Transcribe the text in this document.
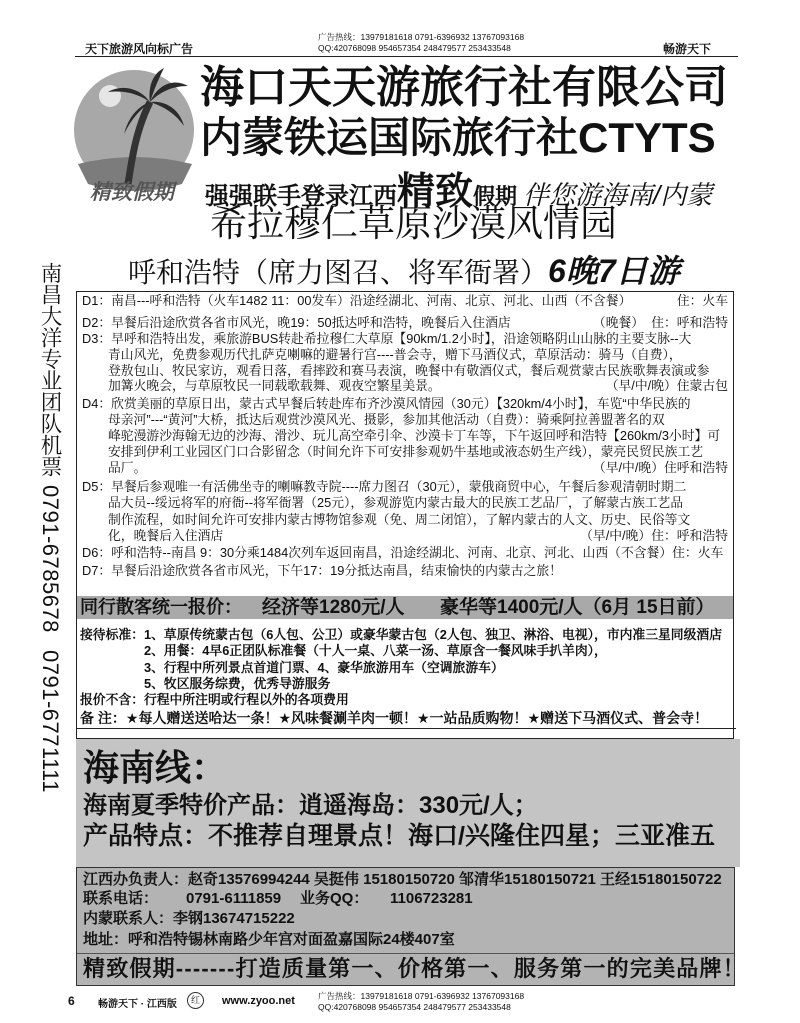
天下旅游风向标广告
广告热线：13979181618 0791-6396932 13767093168
QQ:420768098 954657354 248479577 253433548	畅游天下
精致假期
海口天天游旅行社有限公司
内蒙铁运国际旅行社CTYTS
强强联手登录江西 精致 假期 伴您游海南/内蒙
希拉穆仁草原沙漠风情园
呼和浩特（席力图召、将军衙署）6晚7日游
南昌大洋专业团队机票
0791-6785678
0791-6771111
D1：南昌---呼和浩特（火车1482 11：00发车）沿途经湖北、河南、北京、河北、山西（不含餐）	住：火车
D2：早餐后沿途欣赏各省市风光，晚19：50抵达呼和浩特，晚餐后入住酒店	（晚餐）  住：呼和浩特
D3：早呼和浩特出发，乘旅游BUS转赴希拉穆仁大草原【90km/1.2小时】，沿途领略阴山山脉的主要支脉--大
青山风光，免费参观历代扎萨克喇嘛的避暑行宫----普会寺，赠下马酒仪式，草原活动：骑马（自费），
登敖包山、牧民家访，观看日落，看摔跤和赛马表演，晚餐中有敬酒仪式，餐后观赏蒙古民族歌舞表演或参
加篝火晚会，与草原牧民一同载歌载舞、观夜空繁星美景。	（早/中/晚）住蒙古包
D4：欣赏美丽的草原日出，蒙古式早餐后转赴库布齐沙漠风情园（30元）【320km/4小时】，车览“中华民族的
母亲河”---“黄河”大桥，抵达后观赏沙漠风光、摄影，参加其他活动（自费）：骑乘阿拉善盟著名的双
峰驼漫游沙海翰无边的沙海、滑沙、玩儿高空牵引伞、沙漠卡丁车等，下午返回呼和浩特【260km/3小时】可
安排到伊利工业园区门口合影留念（时间允许下可安排参观奶牛基地或液态奶生产线），蒙亮民贸民族工艺
品厂。	（早/中/晚）住呼和浩特
D5：早餐后参观唯一有活佛坐寺的喇嘛教寺院----席力图召（30元），蒙俄商贸中心，午餐后参观清朝时期二
品大员--绥远将军的府衙--将军衙署（25元），参观游览内蒙古最大的民族工艺品厂，了解蒙古族工艺品
制作流程，如时间允许可安排内蒙古博物馆参观（免、周二闭馆），了解内蒙古的人文、历史、民俗等文
化，晚餐后入住酒店	（早/中/晚）住：呼和浩特
D6：呼和浩特--南昌 9：30分乘1484次列车返回南昌，沿途经湖北、河南、北京、河北、山西（不含餐）住：火车
D7：早餐后沿途欣赏各省市风光，下午17：19分抵达南昌，结束愉快的内蒙古之旅！
同行散客统一报价： 经济等1280元/人 豪华等1400元/人（6月 15日前）
接待标准：1、草原传统蒙古包（6人包、公卫）或豪华蒙古包（2人包、独卫、淋浴、电视），市内准三星同级酒店
2、用餐：4早6正团队标准餐（十人一桌、八菜一汤、草原含一餐风味手扒羊肉），
3、行程中所列景点首道门票、4、豪华旅游用车（空调旅游车）
5、牧区服务综费，优秀导游服务
报价不含：行程中所注明或行程以外的各项费用
备 注：★每人赠送送哈达一条！★风味餐涮羊肉一顿！★一站品质购物！★赠送下马酒仪式、普会寺！
海南线：
海南夏季特价产品：逍遥海岛：330元/人；
产品特点：不推荐自理景点！海口/兴隆住四星；三亚准五
江西办负责人：赵奇13576994244 吴挺伟 15180150720 邹清华15180150721 王经15180150722
联系电话： 0791-6111859 业务QQ： 1106723281
内蒙联系人：李钢13674715222
地址：呼和浩特锡林南路少年宫对面盈嘉国际24楼407室
精致假期-------打造质量第一、价格第一、服务第一的完美品牌！
6 畅游天下 · 江西版	红	www.zyoo.net	广告热线：13979181618 0791-6396932 13767093168
QQ:420768098 954657354 248479577 253433548
